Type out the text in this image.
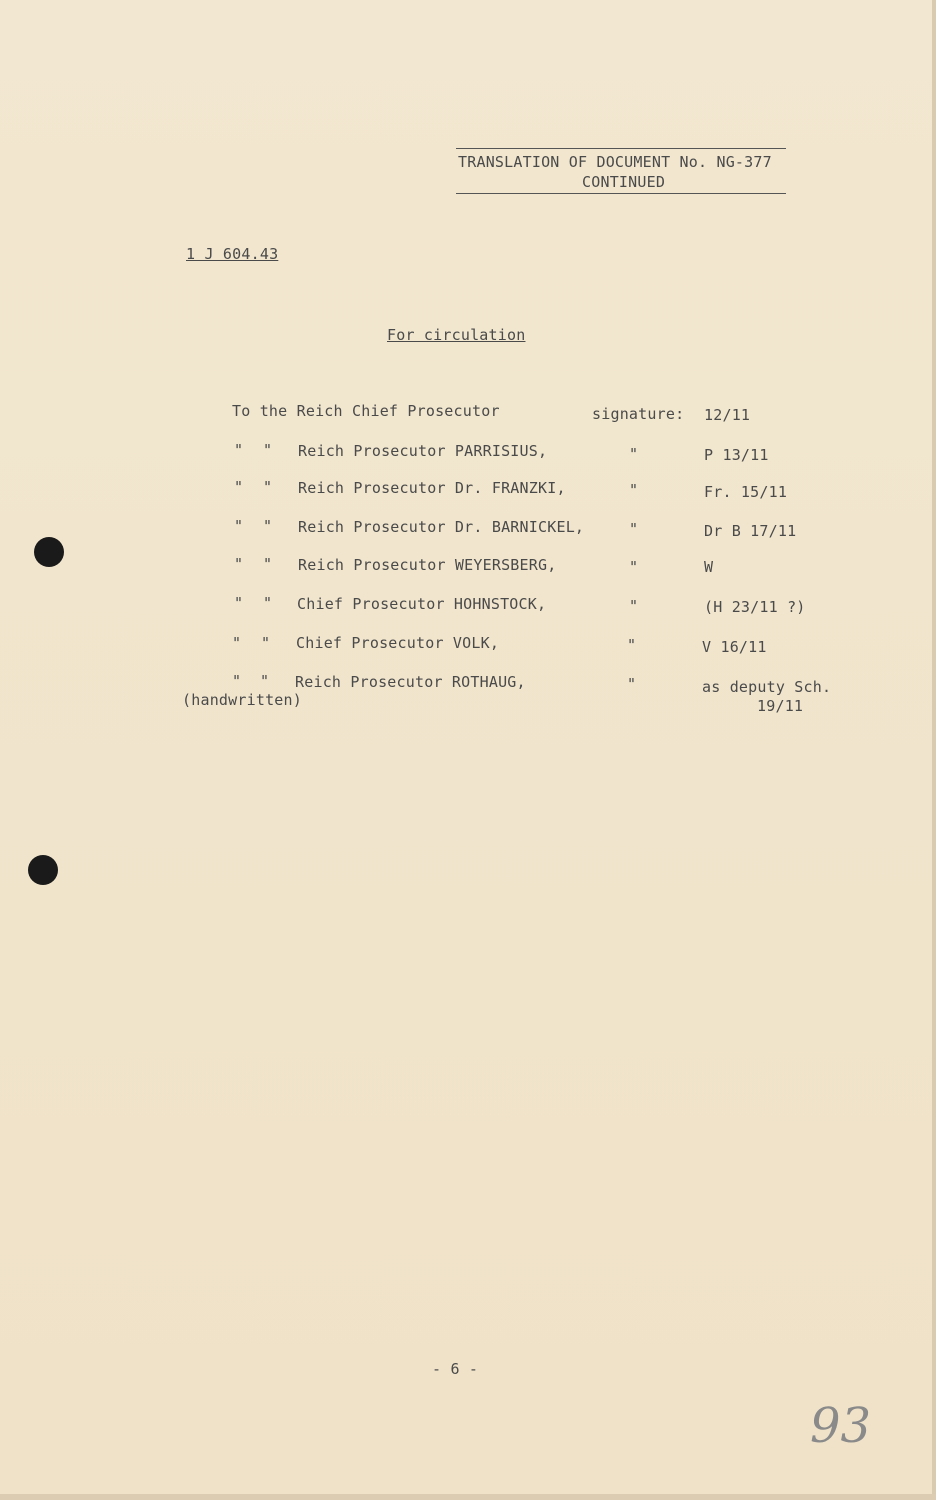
TRANSLATION OF DOCUMENT No. NG-377
CONTINUED
1 J 604.43
For circulation
To the Reich Chief Prosecutor	signature: 12/11
" " Reich Prosecutor PARRISIUS,	"	P 13/11
" " Reich Prosecutor Dr. FRANZKI,	"	Fr. 15/11
" " Reich Prosecutor Dr. BARNICKEL,	"	Dr B 17/11
" " Reich Prosecutor WEYERSBERG,	"	W
" " Chief Prosecutor HOHNSTOCK,	"	(H 23/11 ?)
" " Chief Prosecutor VOLK,	"	V 16/11
" " Reich Prosecutor ROTHAUG,	"	as deputy Sch.
19/11
(handwritten)
- 6 -
93
